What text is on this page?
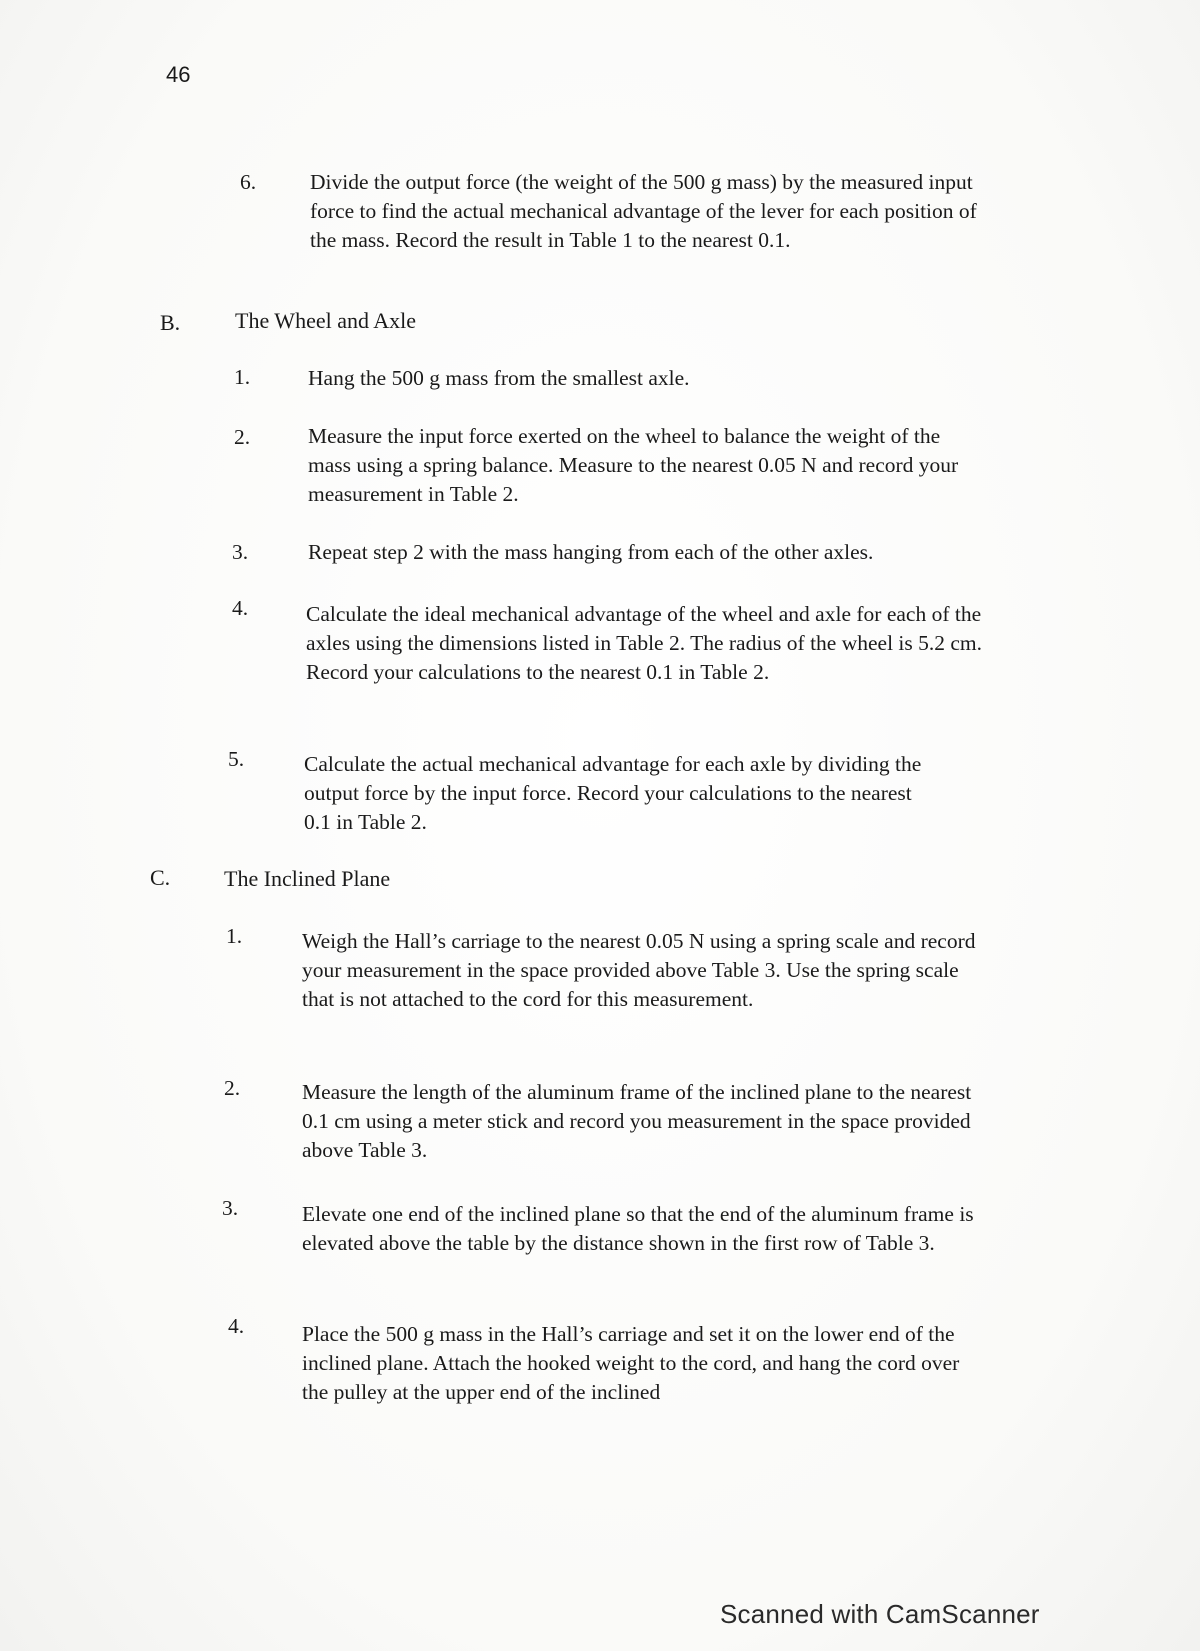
46
6.	Divide the output force (the weight of the 500 g mass) by the measured input force to find the actual mechanical advantage of the lever for each position of the mass. Record the result in Table 1 to the nearest 0.1.
B. The Wheel and Axle
1.	Hang the 500 g mass from the smallest axle.
2.	Measure the input force exerted on the wheel to balance the weight of the mass using a spring balance. Measure to the nearest 0.05 N and record your measurement in Table 2.
3.	Repeat step 2 with the mass hanging from each of the other axles.
4.	Calculate the ideal mechanical advantage of the wheel and axle for each of the axles using the dimensions listed in Table 2. The radius of the wheel is 5.2 cm. Record your calculations to the nearest 0.1 in Table 2.
5.	Calculate the actual mechanical advantage for each axle by dividing the output force by the input force. Record your calculations to the nearest 0.1 in Table 2.
C. The Inclined Plane
1.	Weigh the Hall’s carriage to the nearest 0.05 N using a spring scale and record your measurement in the space provided above Table 3. Use the spring scale that is not attached to the cord for this measurement.
2.	Measure the length of the aluminum frame of the inclined plane to the nearest 0.1 cm using a meter stick and record you measurement in the space provided above Table 3.
3.	Elevate one end of the inclined plane so that the end of the aluminum frame is elevated above the table by the distance shown in the first row of Table 3.
4.	Place the 500 g mass in the Hall’s carriage and set it on the lower end of the inclined plane. Attach the hooked weight to the cord, and hang the cord over the pulley at the upper end of the inclined
Scanned with CamScanner
